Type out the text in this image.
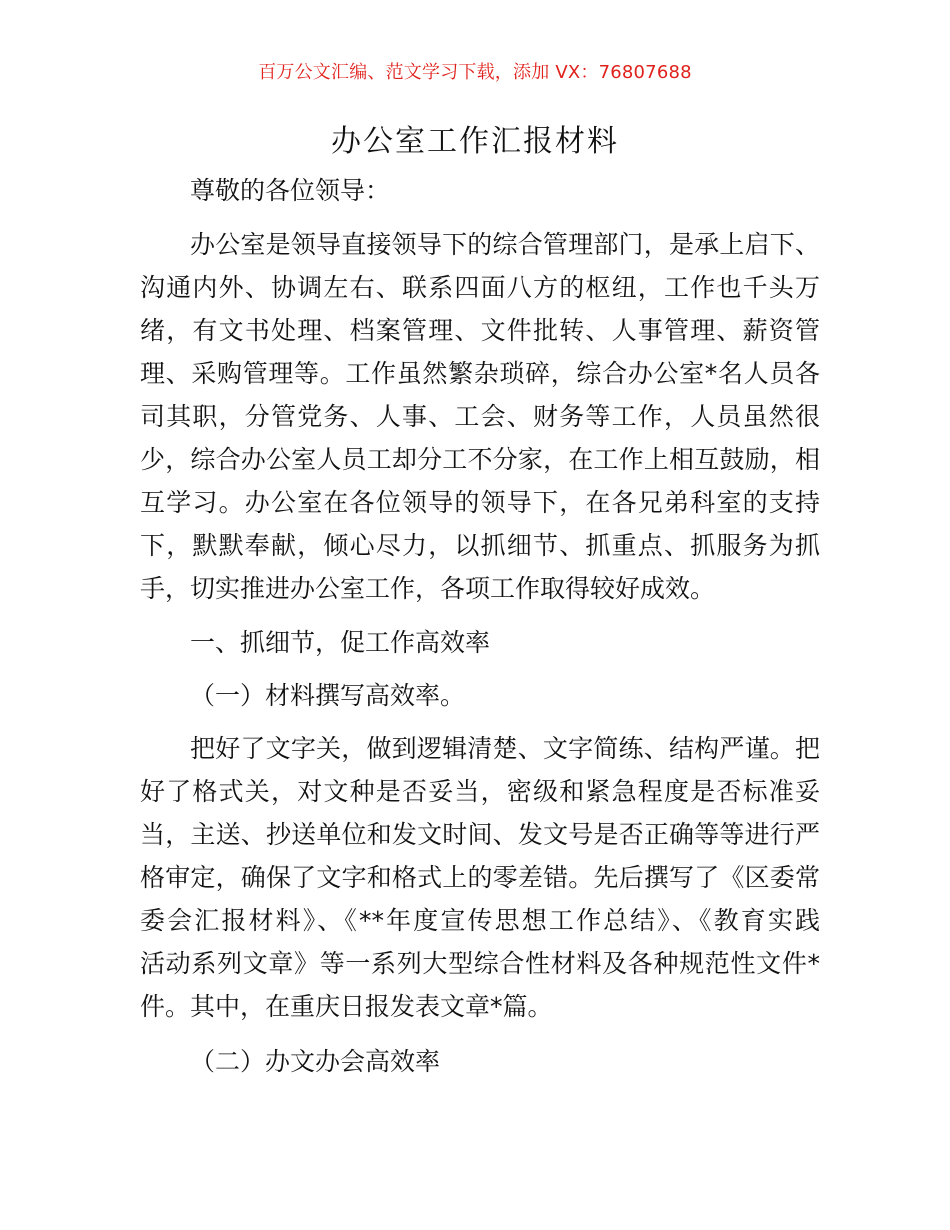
百万公文汇编、范文学习下载，添加 VX：76807688
办公室工作汇报材料
尊敬的各位领导：
办公室是领导直接领导下的综合管理部门，是承上启下、
沟通内外、协调左右、联系四面八方的枢纽，工作也千头万
绪，有文书处理、档案管理、文件批转、人事管理、薪资管
理、采购管理等。工作虽然繁杂琐碎，综合办公室*名人员各
司其职，分管党务、人事、工会、财务等工作，人员虽然很
少，综合办公室人员工却分工不分家，在工作上相互鼓励，相
互学习。办公室在各位领导的领导下，在各兄弟科室的支持
下，默默奉献，倾心尽力，以抓细节、抓重点、抓服务为抓
手，切实推进办公室工作，各项工作取得较好成效。
一、抓细节，促工作高效率
（一）材料撰写高效率。
把好了文字关，做到逻辑清楚、文字简练、结构严谨。把
好了格式关，对文种是否妥当，密级和紧急程度是否标准妥
当，主送、抄送单位和发文时间、发文号是否正确等等进行严
格审定，确保了文字和格式上的零差错。先后撰写了《区委常
委会汇报材料》、《**年度宣传思想工作总结》、《教育实践
活动系列文章》等一系列大型综合性材料及各种规范性文件*
件。其中，在重庆日报发表文章*篇。
（二）办文办会高效率
